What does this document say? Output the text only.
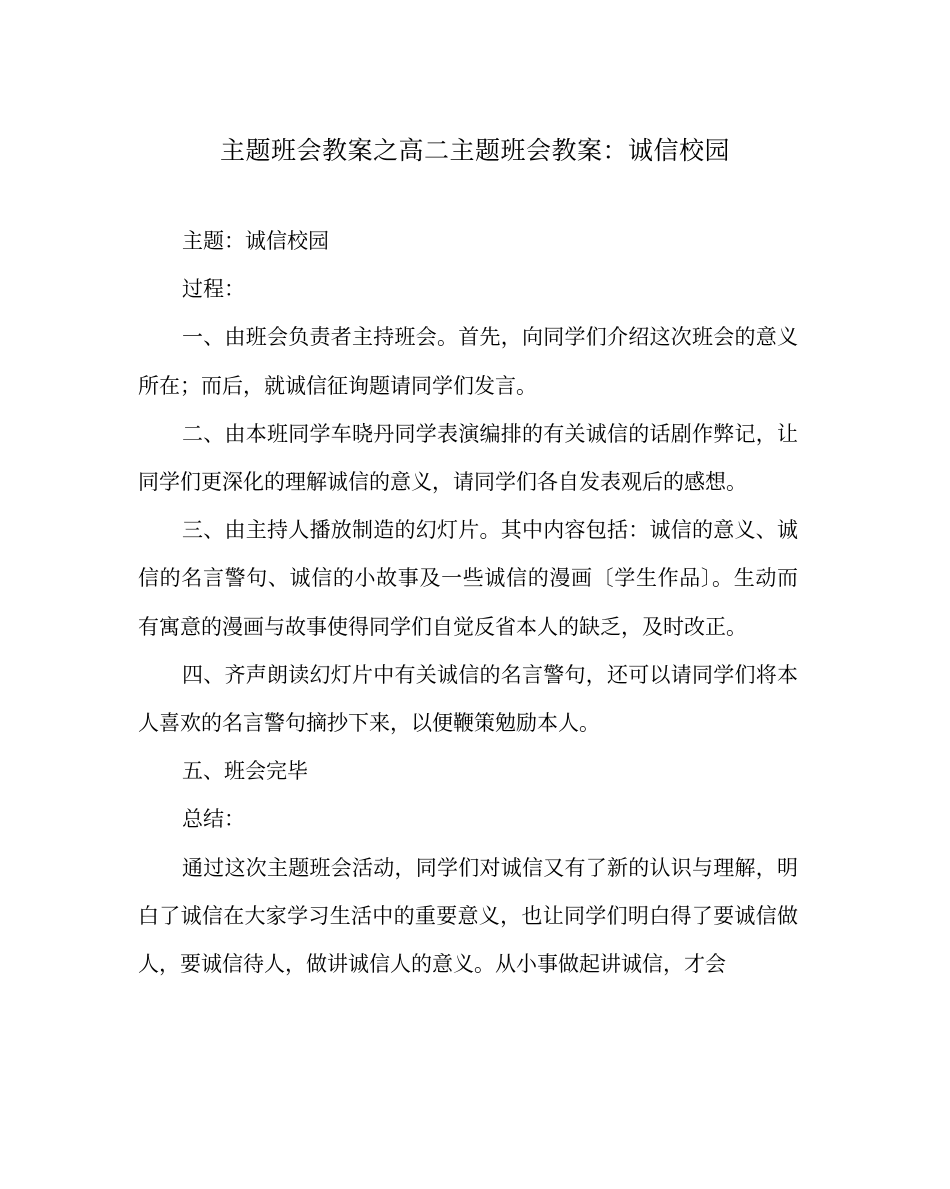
主题班会教案之高二主题班会教案：诚信校园

主题：诚信校园

过程：

一、由班会负责者主持班会。首先，向同学们介绍这次班会的意义所在；而后，就诚信征询题请同学们发言。

二、由本班同学车晓丹同学表演编排的有关诚信的话剧作弊记，让同学们更深化的理解诚信的意义，请同学们各自发表观后的感想。

三、由主持人播放制造的幻灯片。其中内容包括：诚信的意义、诚信的名言警句、诚信的小故事及一些诚信的漫画〔学生作品〕。生动而有寓意的漫画与故事使得同学们自觉反省本人的缺乏，及时改正。

四、齐声朗读幻灯片中有关诚信的名言警句，还可以请同学们将本人喜欢的名言警句摘抄下来，以便鞭策勉励本人。

五、班会完毕

总结：

通过这次主题班会活动，同学们对诚信又有了新的认识与理解，明白了诚信在大家学习生活中的重要意义，也让同学们明白得了要诚信做人，要诚信待人，做讲诚信人的意义。从小事做起讲诚信，才会
